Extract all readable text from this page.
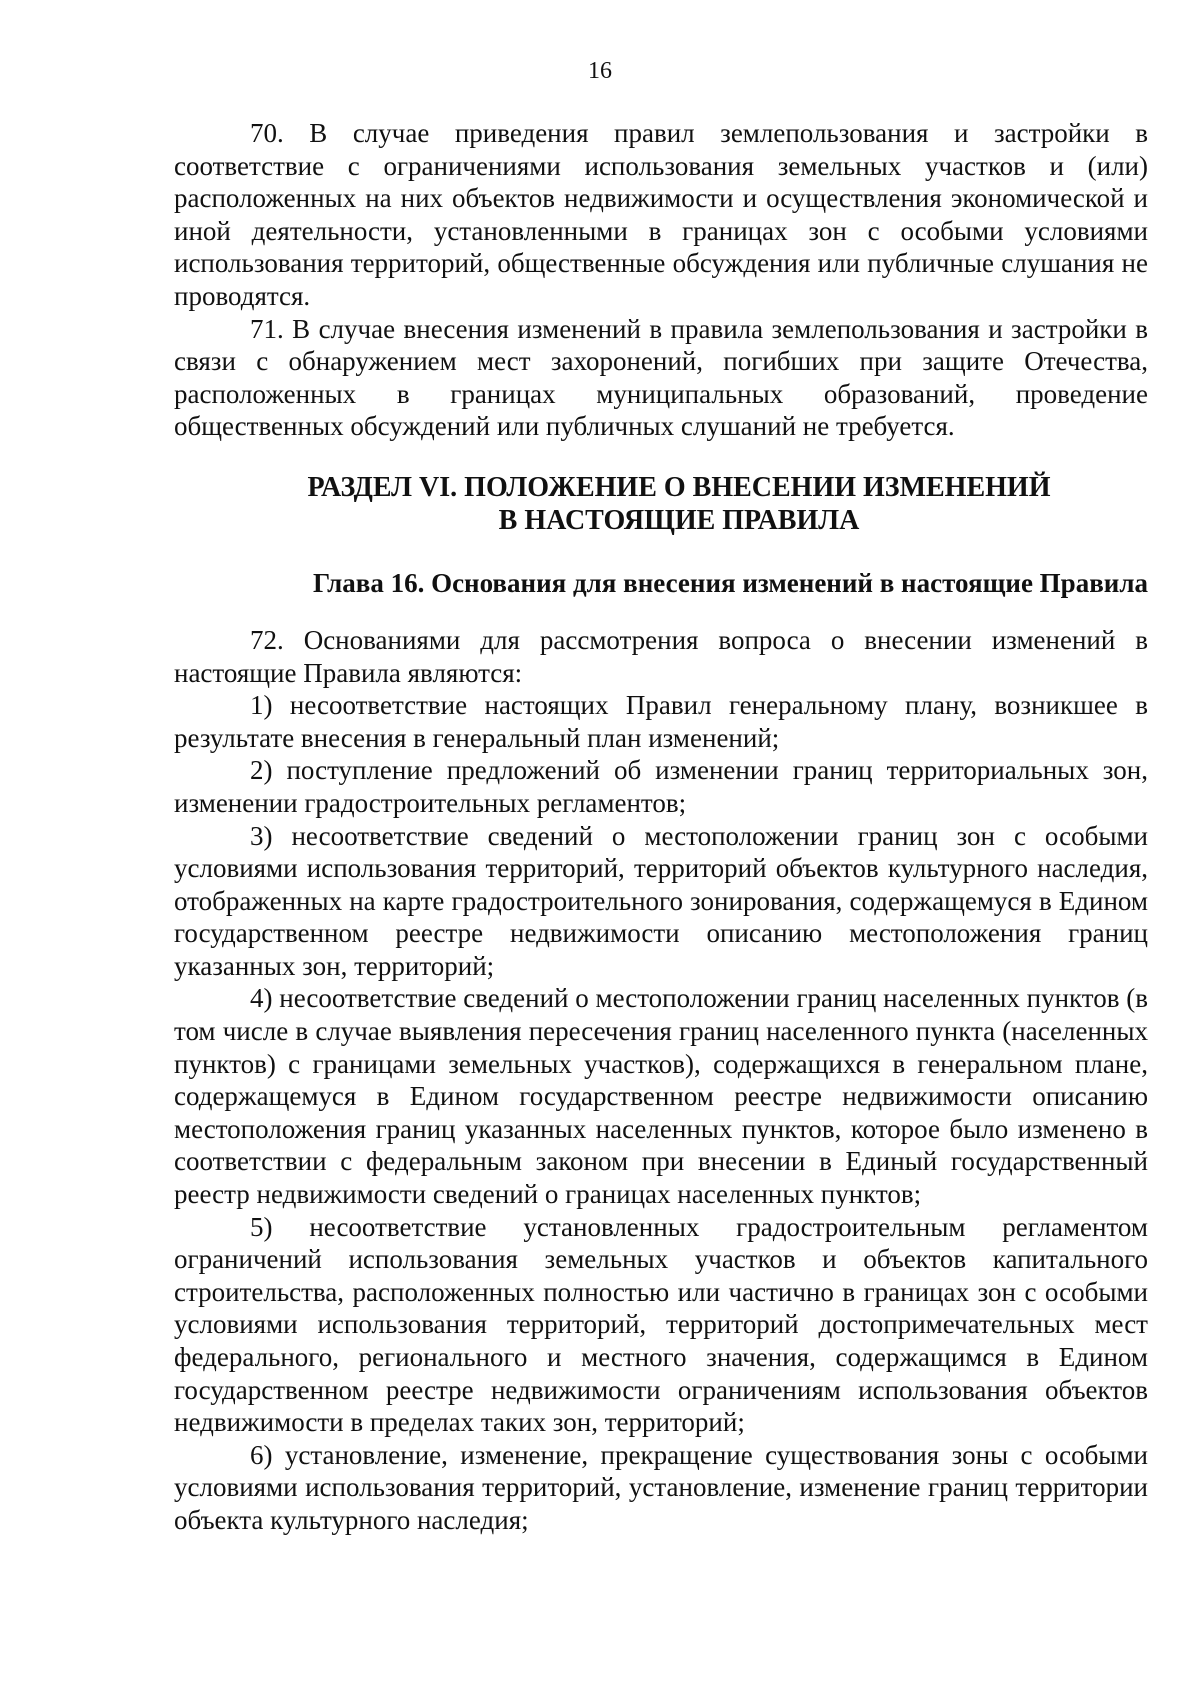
16

70. В случае приведения правил землепользования и застройки в соответствие с ограничениями использования земельных участков и (или) расположенных на них объектов недвижимости и осуществления экономической и иной деятельности, установленными в границах зон с особыми условиями использования территорий, общественные обсуждения или публичные слушания не проводятся.

71. В случае внесения изменений в правила землепользования и застройки в связи с обнаружением мест захоронений, погибших при защите Отечества, расположенных в границах муниципальных образований, проведение общественных обсуждений или публичных слушаний не требуется.

РАЗДЕЛ VI. ПОЛОЖЕНИЕ О ВНЕСЕНИИ ИЗМЕНЕНИЙ
В НАСТОЯЩИЕ ПРАВИЛА
Глава 16. Основания для внесения изменений в настоящие Правила

72. Основаниями для рассмотрения вопроса о внесении изменений в настоящие Правила являются:

1) несоответствие настоящих Правил генеральному плану, возникшее в результате внесения в генеральный план изменений;

2) поступление предложений об изменении границ территориальных зон, изменении градостроительных регламентов;

3) несоответствие сведений о местоположении границ зон с особыми условиями использования территорий, территорий объектов культурного наследия, отображенных на карте градостроительного зонирования, содержащемуся в Едином государственном реестре недвижимости описанию местоположения границ указанных зон, территорий;

4) несоответствие сведений о местоположении границ населенных пунктов (в том числе в случае выявления пересечения границ населенного пункта (населенных пунктов) с границами земельных участков), содержащихся в генеральном плане, содержащемуся в Едином государственном реестре недвижимости описанию местоположения границ указанных населенных пунктов, которое было изменено в соответствии с федеральным законом при внесении в Единый государственный реестр недвижимости сведений о границах населенных пунктов;

5) несоответствие установленных градостроительным регламентом ограничений использования земельных участков и объектов капитального строительства, расположенных полностью или частично в границах зон с особыми условиями использования территорий, территорий достопримечательных мест федерального, регионального и местного значения, содержащимся в Едином государственном реестре недвижимости ограничениям использования объектов недвижимости в пределах таких зон, территорий;

6) установление, изменение, прекращение существования зоны с особыми условиями использования территорий, установление, изменение границ территории объекта культурного наследия;
